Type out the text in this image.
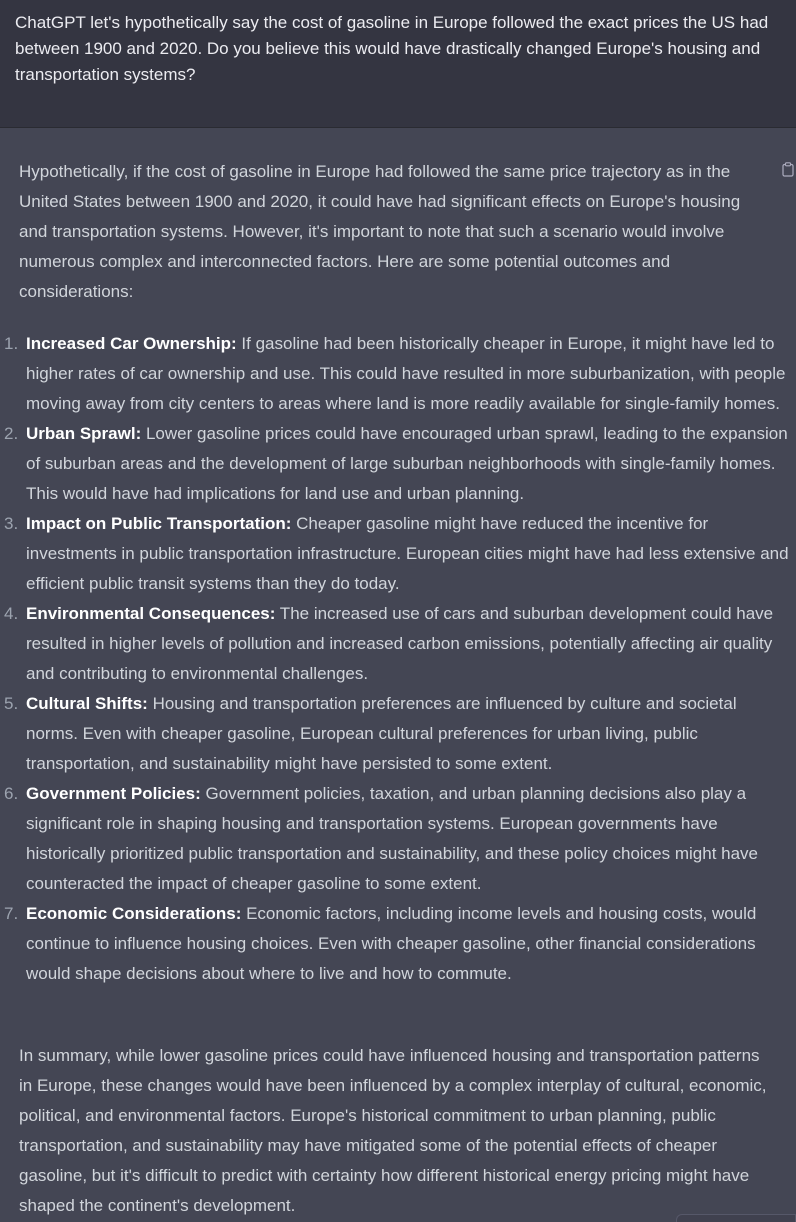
ChatGPT let's hypothetically say the cost of gasoline in Europe followed the exact prices the US had between 1900 and 2020. Do you believe this would have drastically changed Europe's housing and transportation systems?
Hypothetically, if the cost of gasoline in Europe had followed the same price trajectory as in the United States between 1900 and 2020, it could have had significant effects on Europe's housing and transportation systems. However, it's important to note that such a scenario would involve numerous complex and interconnected factors. Here are some potential outcomes and considerations:
1. Increased Car Ownership: If gasoline had been historically cheaper in Europe, it might have led to higher rates of car ownership and use. This could have resulted in more suburbanization, with people moving away from city centers to areas where land is more readily available for single-family homes.
2. Urban Sprawl: Lower gasoline prices could have encouraged urban sprawl, leading to the expansion of suburban areas and the development of large suburban neighborhoods with single-family homes. This would have had implications for land use and urban planning.
3. Impact on Public Transportation: Cheaper gasoline might have reduced the incentive for investments in public transportation infrastructure. European cities might have had less extensive and efficient public transit systems than they do today.
4. Environmental Consequences: The increased use of cars and suburban development could have resulted in higher levels of pollution and increased carbon emissions, potentially affecting air quality and contributing to environmental challenges.
5. Cultural Shifts: Housing and transportation preferences are influenced by culture and societal norms. Even with cheaper gasoline, European cultural preferences for urban living, public transportation, and sustainability might have persisted to some extent.
6. Government Policies: Government policies, taxation, and urban planning decisions also play a significant role in shaping housing and transportation systems. European governments have historically prioritized public transportation and sustainability, and these policy choices might have counteracted the impact of cheaper gasoline to some extent.
7. Economic Considerations: Economic factors, including income levels and housing costs, would continue to influence housing choices. Even with cheaper gasoline, other financial considerations would shape decisions about where to live and how to commute.
In summary, while lower gasoline prices could have influenced housing and transportation patterns in Europe, these changes would have been influenced by a complex interplay of cultural, economic, political, and environmental factors. Europe's historical commitment to urban planning, public transportation, and sustainability may have mitigated some of the potential effects of cheaper gasoline, but it's difficult to predict with certainty how different historical energy pricing might have shaped the continent's development.
